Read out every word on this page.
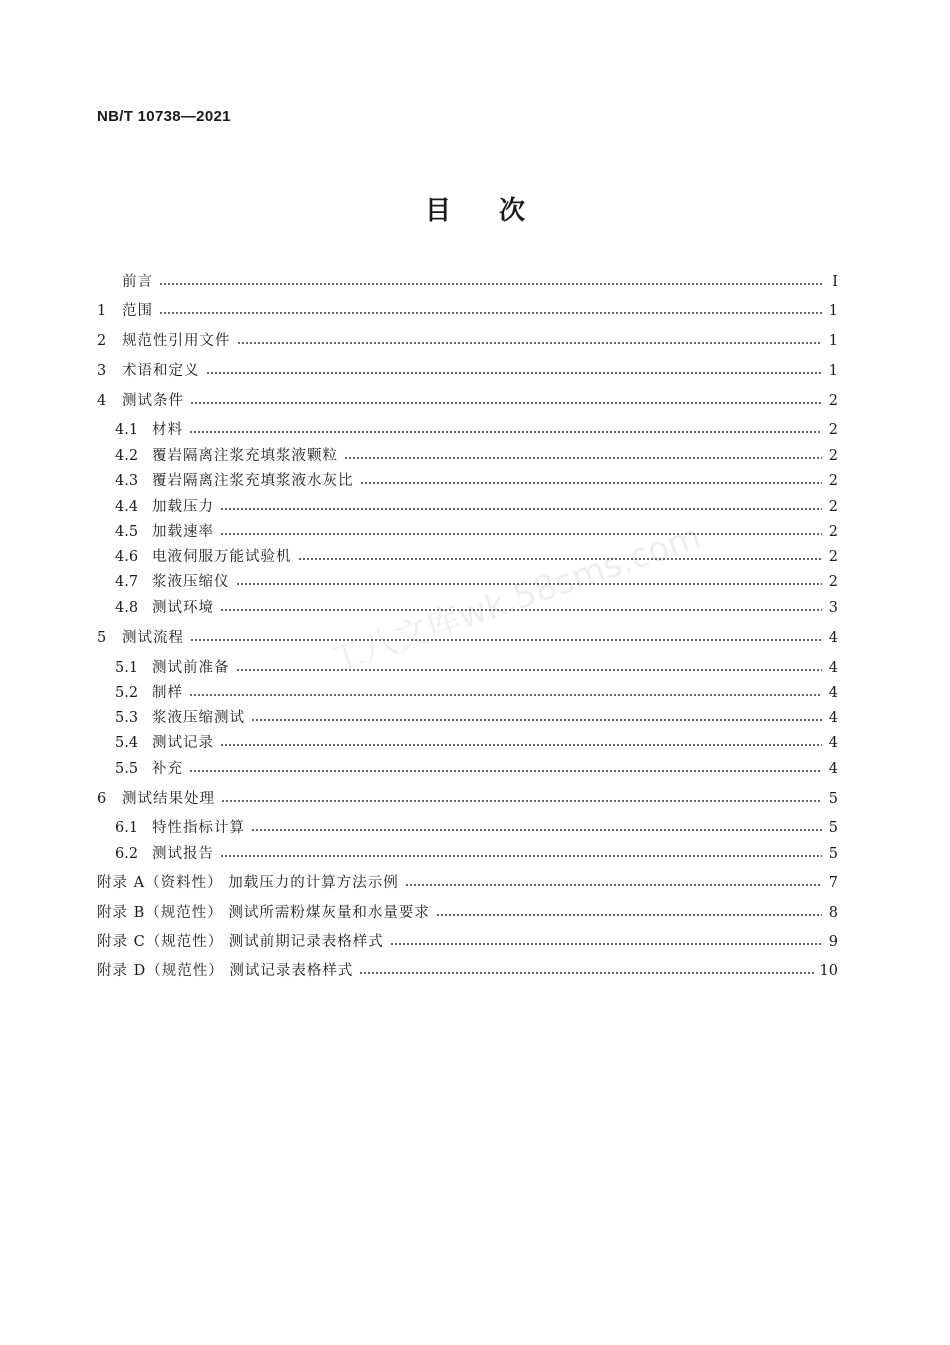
NB/T 10738—2021
目次
工八文库wk.58sms.com
前言	I
1	范围	1
2	规范性引用文件	1
3	术语和定义	1
4	测试条件	2
4.1 材料	2
4.2 覆岩隔离注浆充填浆液颗粒	2
4.3 覆岩隔离注浆充填浆液水灰比	2
4.4 加载压力	2
4.5 加载速率	2
4.6 电液伺服万能试验机	2
4.7 浆液压缩仪	2
4.8 测试环境	3
5	测试流程	4
5.1 测试前准备	4
5.2 制样	4
5.3 浆液压缩测试	4
5.4 测试记录	4
5.5 补充	4
6	测试结果处理	5
6.1 特性指标计算	5
6.2 测试报告	5
附录 A（资料性） 加载压力的计算方法示例	7
附录 B（规范性） 测试所需粉煤灰量和水量要求	8
附录 C（规范性） 测试前期记录表格样式	9
附录 D（规范性） 测试记录表格样式	10
